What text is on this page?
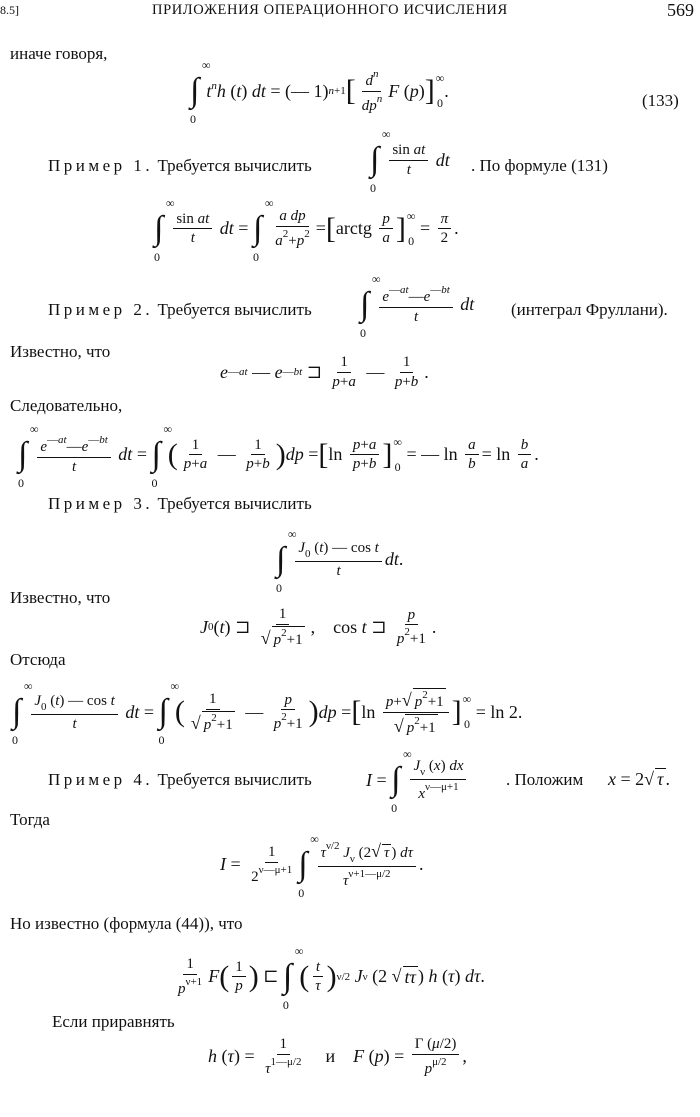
8.5]	ПРИЛОЖЕНИЯ ОПЕРАЦИОННОГО ИСЧИСЛЕНИЯ	569
иначе говоря,
∫
∞
0
$t^nh$ ( t ) dt = (— 1) n+1 [ $\frac{d^n}{dp^n}$ F ( p ) ] ∞
0
.	(133)
Пример 1. Требуется вычислить ∫
∞
0
$\frac{\text{sin at}}{t}$
dt . По формуле (131)
∫
∞
0
$\frac{\text{sin at}}{t}$
dt = ∫
∞
0
$\frac{\text{a dp}}{a^2+p^2}$ = [ arctg $\frac{p}{a}$ ] ∞
0
= $\frac{\pi}{2}$ .
Пример 2. Требуется вычислить ∫
∞
0
$\frac{e^{—at}—e^{—bt}}{t}$
dt (интеграл Фруллани).
Известно, что
e —at — e —bt ⊐ $\frac{1}{p+a}$ — $\frac{1}{p+b}$ .
Следовательно,
∫
∞
0
$\frac{e^{—at}—e^{—bt}}{t}$
dt = ∫
∞
0
( $\frac{1}{p+a}$ — $\frac{1}{p+b}$ ) dp = [ $\ln \frac{p+a}{p+b}$ ] ∞
0
= — $\ln \frac{a}{b} = \ln \frac{b}{a}$ .
Пример 3. Требуется вычислить
∫
∞
0
$\frac{J_0 (t) — \cos t}{t}$ dt .
Известно, что
J 0 ( t ) ⊐ $\frac{1}{√ p^2+1}$ ,    cos t ⊐ $\frac{p}{p^2+1}$ .
Отсюда
∫
∞
0
$\frac{J_0 (t) — \cos t}{t}$
dt = ∫
∞
0
( $\frac{1}{√ p^2+1}$ — $\frac{p}{p^2+1}$ ) dp = [ $\ln \frac{p+√ p^2+1}{√ p^2+1}$ ] ∞
0
= ln 2.
Пример 4. Требуется вычислить	I = ∫
∞
0
$\frac{J_\nu (x) dx}{x^{\nu—\mu+1}}$ . Положим x = 2 √ τ .
Тогда
$I = \frac{1}{2^{\nu—\mu+1}}$ ∫
∞
0
$\frac{\tau^{\nu/2} J_\nu (2√ \tau ) d\tau}{\tau^{\nu+1—\mu/2}}$ .
Но известно (формула (44)), что
$\frac{1}{p^{\nu+1}}$ F ( $\frac{1}{p}$ ) ⊏ ∫
∞
0
( $\frac{t}{\tau}$ ) ν/2
J ν (2 √ tτ ) h ( τ ) dτ .
Если приравнять
h ( τ ) = $\frac{1}{\tau^{1—\mu/2}}$
и
F ( p ) = $\frac{\Gamma (\mu/2)}{p^{\mu/2}}$ ,
